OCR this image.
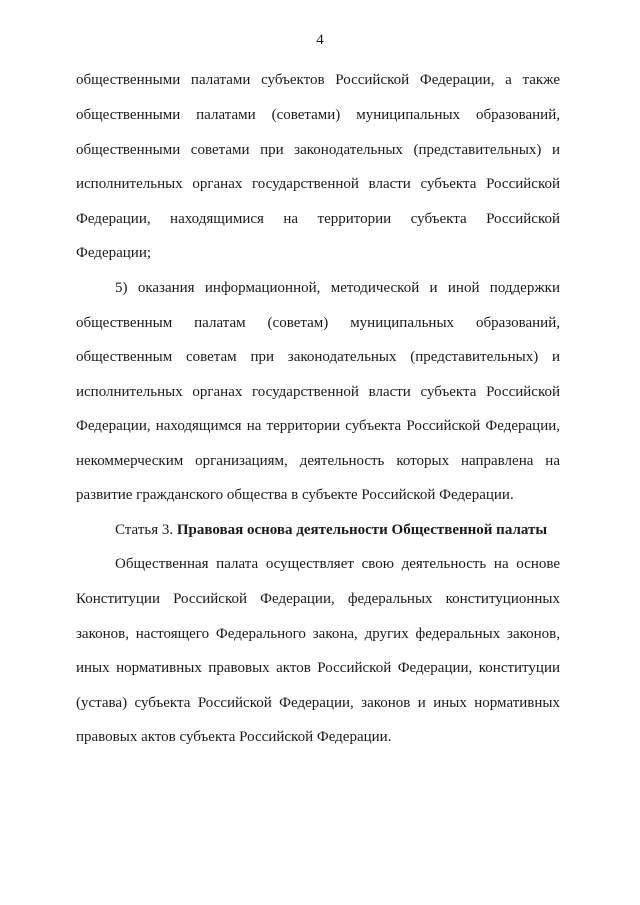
4
общественными палатами субъектов Российской Федерации, а также
общественными палатами (советами) муниципальных образований,
общественными советами при законодательных (представительных) и
исполнительных органах государственной власти субъекта Российской
Федерации, находящимися на территории субъекта Российской
Федерации;
5) оказания информационной, методической и иной поддержки
общественным палатам (советам) муниципальных образований,
общественным советам при законодательных (представительных) и
исполнительных органах государственной власти субъекта Российской
Федерации, находящимся на территории субъекта Российской Федерации,
некоммерческим организациям, деятельность которых направлена на
развитие гражданского общества в субъекте Российской Федерации.
Статья 3. Правовая основа деятельности Общественной палаты
Общественная палата осуществляет свою деятельность на основе
Конституции Российской Федерации, федеральных конституционных
законов, настоящего Федерального закона, других федеральных законов,
иных нормативных правовых актов Российской Федерации, конституции
(устава) субъекта Российской Федерации, законов и иных нормативных
правовых актов субъекта Российской Федерации.
